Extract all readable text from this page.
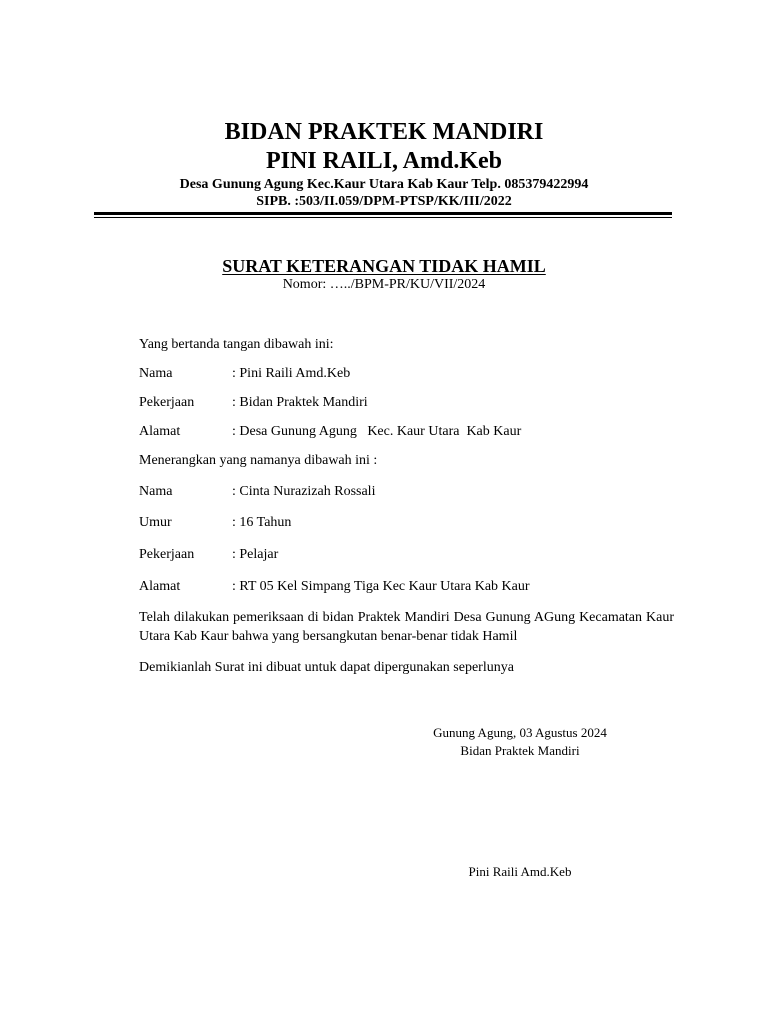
BIDAN PRAKTEK MANDIRI
PINI RAILI, Amd.Keb
Desa Gunung Agung Kec.Kaur Utara Kab Kaur Telp. 085379422994
SIPB. :503/II.059/DPM-PTSP/KK/III/2022
SURAT KETERANGAN TIDAK HAMIL
Nomor: …../BPM-PR/KU/VII/2024
Yang bertanda tangan dibawah ini:
Nama	: Pini Raili Amd.Keb
Pekerjaan	: Bidan Praktek Mandiri
Alamat	: Desa Gunung Agung   Kec. Kaur Utara  Kab Kaur
Menerangkan yang namanya dibawah ini :
Nama	: Cinta Nurazizah Rossali
Umur	: 16 Tahun
Pekerjaan	: Pelajar
Alamat	: RT 05 Kel Simpang Tiga Kec Kaur Utara Kab Kaur
Telah dilakukan pemeriksaan di bidan Praktek Mandiri Desa Gunung AGung Kecamatan Kaur Utara Kab Kaur bahwa yang bersangkutan benar-benar tidak Hamil
Demikianlah Surat ini dibuat untuk dapat dipergunakan seperlunya
Gunung Agung, 03 Agustus 2024
Bidan Praktek Mandiri
Pini Raili Amd.Keb
